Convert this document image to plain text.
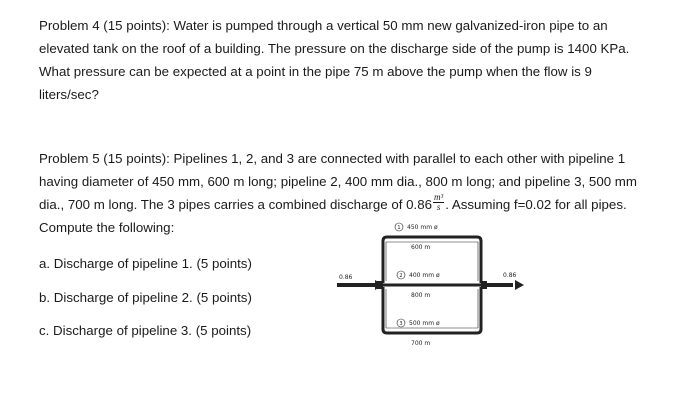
Problem 4 (15 points): Water is pumped through a vertical 50 mm new galvanized-iron pipe to an
elevated tank on the roof of a building. The pressure on the discharge side of the pump is 1400 KPa.
What pressure can be expected at a point in the pipe 75 m above the pump when the flow is 9
liters/sec?
Problem 5 (15 points): Pipelines 1, 2, and 3 are connected with parallel to each other with pipeline 1
having diameter of 450 mm, 600 m long; pipeline 2, 400 mm dia., 800 m long; and pipeline 3, 500 mm
dia., 700 m long. The 3 pipes carries a combined discharge of $0.86 \frac{\text{m³}}{s}$ . Assuming f=0.02 for all pipes.
Compute the following:

a. Discharge of pipeline 1. (5 points)

b. Discharge of pipeline 2. (5 points)

c. Discharge of pipeline 3. (5 points)

1 450 mm ø
600 m
2 400 mm ø
800 m
3 500 mm ø
700 m
0.86	0.86
